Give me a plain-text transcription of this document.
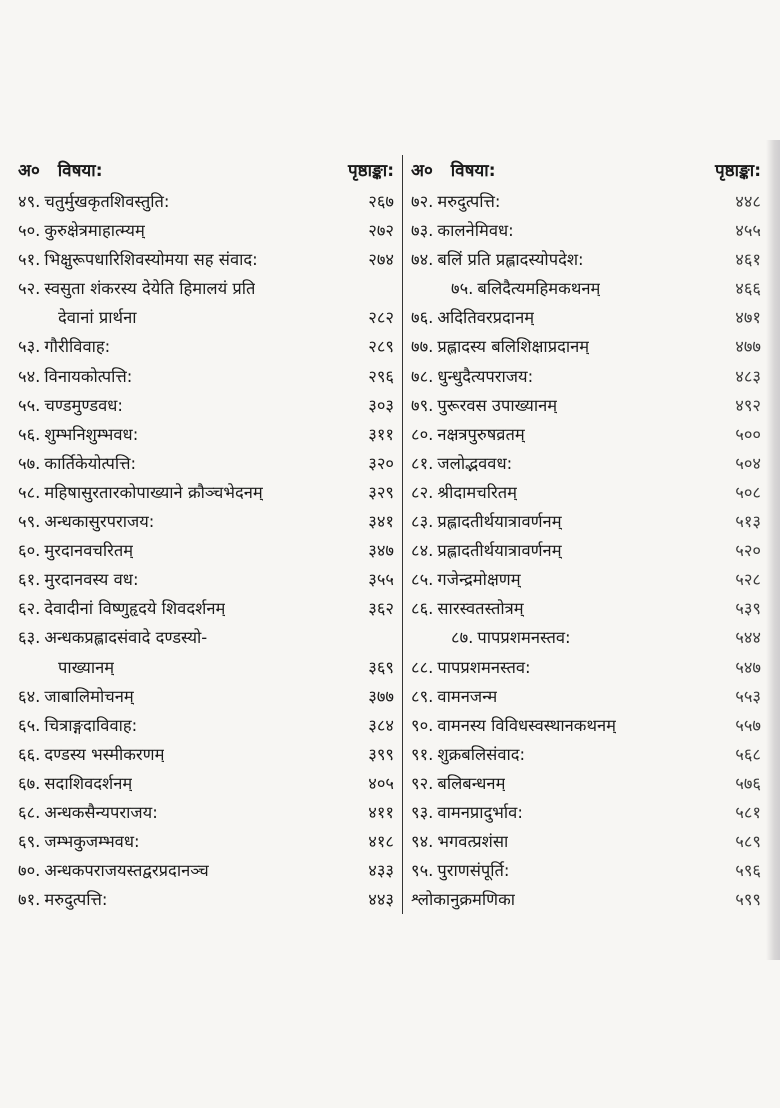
अ० विषया:	पृष्ठाङ्का:
४९. चतुर्मुखकृतशिवस्तुति:	२६७
५०. कुरुक्षेत्रमाहात्म्यम्	२७२
५१. भिक्षुरूपधारिशिवस्योमया सह संवाद:	२७४
५२. स्वसुता शंकरस्य देयेति हिमालयं प्रति
देवानां प्रार्थना	२८२
५३. गौरीविवाह:	२८९
५४. विनायकोत्पत्ति:	२९६
५५. चण्डमुण्डवध:	३०३
५६. शुम्भनिशुम्भवध:	३११
५७. कार्तिकेयोत्पत्ति:	३२०
५८. महिषासुरतारकोपाख्याने क्रौञ्चभेदनम्	३२९
५९. अन्धकासुरपराजय:	३४१
६०. मुरदानवचरितम्	३४७
६१. मुरदानवस्य वध:	३५५
६२. देवादीनां विष्णुहृदये शिवदर्शनम्	३६२
६३. अन्धकप्रह्लादसंवादे दण्डस्यो-
पाख्यानम्	३६९
६४. जाबालिमोचनम्	३७७
६५. चित्राङ्गदाविवाह:	३८४
६६. दण्डस्य भस्मीकरणम्	३९९
६७. सदाशिवदर्शनम्	४०५
६८. अन्धकसैन्यपराजय:	४११
६९. जम्भकुजम्भवध:	४१८
७०. अन्धकपराजयस्तद्वरप्रदानञ्च	४३३
७१. मरुदुत्पत्ति:	४४३
अ० विषया:	पृष्ठाङ्का:
७२. मरुदुत्पत्ति:	४४८
७३. कालनेमिवध:	४५५
७४. बलिं प्रति प्रह्लादस्योपदेश:	४६१
७५. बलिदैत्यमहिमकथनम्	४६६
७६. अदितिवरप्रदानम्	४७१
७७. प्रह्लादस्य बलिशिक्षाप्रदानम्	४७७
७८. धुन्धुदैत्यपराजय:	४८३
७९. पुरूरवस उपाख्यानम्	४९२
८०. नक्षत्रपुरुषव्रतम्	५००
८१. जलोद्भववध:	५०४
८२. श्रीदामचरितम्	५०८
८३. प्रह्लादतीर्थयात्रावर्णनम्	५१३
८४. प्रह्लादतीर्थयात्रावर्णनम्	५२०
८५. गजेन्द्रमोक्षणम्	५२८
८६. सारस्वतस्तोत्रम्	५३९
८७. पापप्रशमनस्तव:	५४४
८८. पापप्रशमनस्तव:	५४७
८९. वामनजन्म	५५३
९०. वामनस्य विविधस्वस्थानकथनम्	५५७
९१. शुक्रबलिसंवाद:	५६८
९२. बलिबन्धनम्	५७६
९३. वामनप्रादुर्भाव:	५८१
९४. भगवत्प्रशंसा	५८९
९५. पुराणसंपूर्ति:	५९६
श्लोकानुक्रमणिका	५९९
